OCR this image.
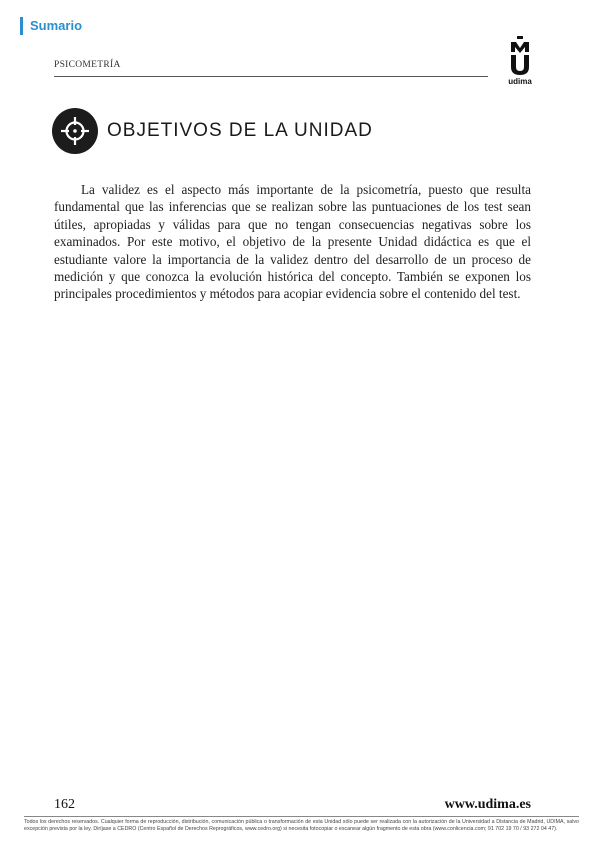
Sumario
PSICOMETRÍA
udima
OBJETIVOS DE LA UNIDAD

La validez es el aspecto más importante de la psicometría, puesto que resulta fundamental que las inferencias que se realizan sobre las puntuaciones de los test sean útiles, apropiadas y válidas para que no tengan consecuencias negativas sobre los examinados. Por este motivo, el objetivo de la presente Unidad didáctica es que el estudiante valore la importancia de la validez dentro del desarrollo de un proceso de medición y que conozca la evolución histórica del concepto. También se exponen los principales procedimientos y métodos para acopiar evidencia sobre el contenido del test.

162	www.udima.es

Todos los derechos reservados. Cualquier forma de reproducción, distribución, comunicación pública o transformación de esta Unidad sólo puede ser realizada con la autorización de la Universidad a Distancia de Madrid, UDIMA, salvo excepción prevista por la ley. Diríjase a CEDRO (Centro Español de Derechos Reprográficos, www.cedro.org) si necesita fotocopiar o escanear algún fragmento de esta obra (www.conlicencia.com; 91 702 19 70 / 93 272 04 47).
